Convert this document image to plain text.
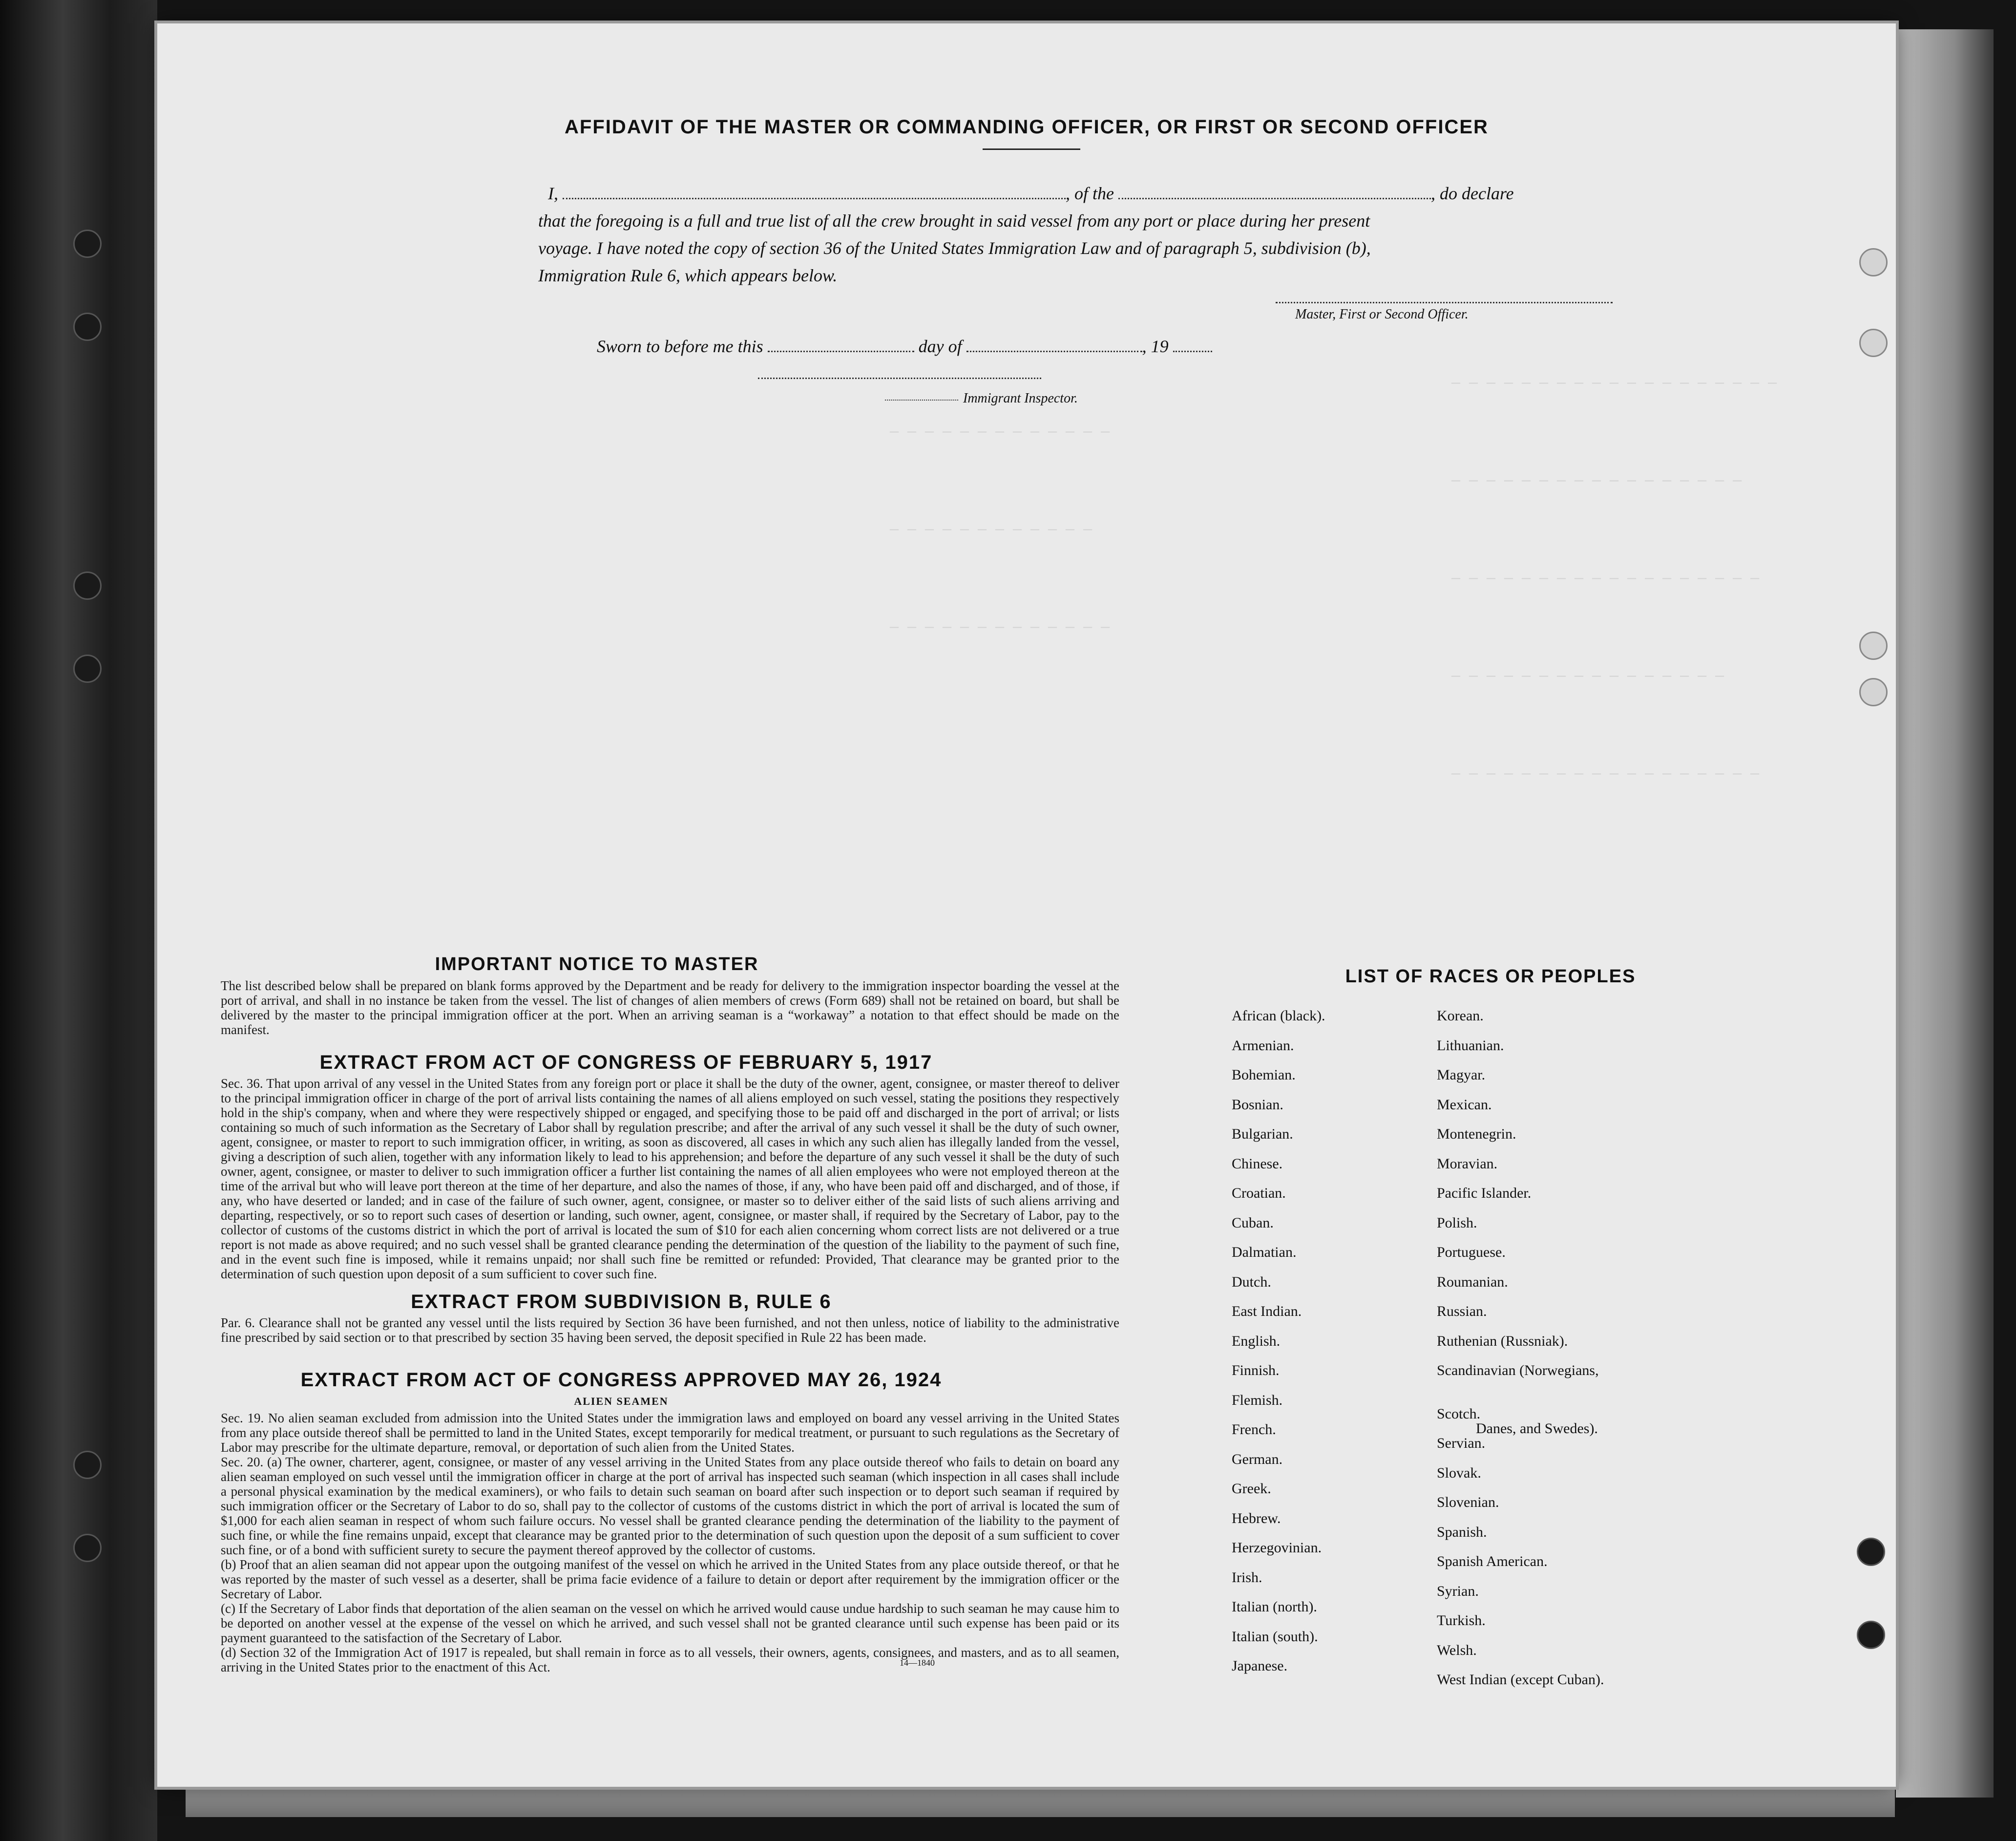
— — — — — — — — — — — — — — — — — — —
— — — — — — — — — — — — — — — — —
— — — — — — — — — — — — — — — — — —
— — — — — — — — — — — — — — — —
— — — — — — — — — — — — — — — — — —
— — — — — — — — — — — — —
— — — — — — — — — — — —
— — — — — — — — — — — — —
AFFIDAVIT OF THE MASTER OR COMMANDING OFFICER, OR FIRST OR SECOND OFFICER
I,	, of the	, do declare
that the foregoing is a full and true list of all the crew brought in said vessel from any port or place during her present
voyage. I have noted the copy of section 36 of the United States Immigration Law and of paragraph 5, subdivision (b),
Immigration Rule 6, which appears below.
Master, First or Second Officer.
Sworn to before me this	day of	, 19
Immigrant Inspector.
IMPORTANT NOTICE TO MASTER
The list described below shall be prepared on blank forms approved by the Department and be ready for delivery to the immigration inspector boarding the vessel at the port of arrival, and shall in no instance be taken from the vessel. The list of changes of alien members of crews (Form 689) shall not be retained on board, but shall be delivered by the master to the principal immigration officer at the port. When an arriving seaman is a “workaway” a notation to that effect should be made on the manifest.
EXTRACT FROM ACT OF CONGRESS OF FEBRUARY 5, 1917
Sec. 36. That upon arrival of any vessel in the United States from any foreign port or place it shall be the duty of the owner, agent, consignee, or master thereof to deliver to the principal immigration officer in charge of the port of arrival lists containing the names of all aliens employed on such vessel, stating the positions they respectively hold in the ship's company, when and where they were respectively shipped or engaged, and specifying those to be paid off and discharged in the port of arrival; or lists containing so much of such information as the Secretary of Labor shall by regulation prescribe; and after the arrival of any such vessel it shall be the duty of such owner, agent, consignee, or master to report to such immigration officer, in writing, as soon as discovered, all cases in which any such alien has illegally landed from the vessel, giving a description of such alien, together with any information likely to lead to his apprehension; and before the departure of any such vessel it shall be the duty of such owner, agent, consignee, or master to deliver to such immigration officer a further list containing the names of all alien employees who were not employed thereon at the time of the arrival but who will leave port thereon at the time of her departure, and also the names of those, if any, who have been paid off and discharged, and of those, if any, who have deserted or landed; and in case of the failure of such owner, agent, consignee, or master so to deliver either of the said lists of such aliens arriving and departing, respectively, or so to report such cases of desertion or landing, such owner, agent, consignee, or master shall, if required by the Secretary of Labor, pay to the collector of customs of the customs district in which the port of arrival is located the sum of $10 for each alien concerning whom correct lists are not delivered or a true report is not made as above required; and no such vessel shall be granted clearance pending the determination of the question of the liability to the payment of such fine, and in the event such fine is imposed, while it remains unpaid; nor shall such fine be remitted or refunded: Provided, That clearance may be granted prior to the determination of such question upon deposit of a sum sufficient to cover such fine.
EXTRACT FROM SUBDIVISION B, RULE 6
Par. 6. Clearance shall not be granted any vessel until the lists required by Section 36 have been furnished, and not then unless, notice of liability to the administrative fine prescribed by said section or to that prescribed by section 35 having been served, the deposit specified in Rule 22 has been made.
EXTRACT FROM ACT OF CONGRESS APPROVED MAY 26, 1924
ALIEN SEAMEN
Sec. 19. No alien seaman excluded from admission into the United States under the immigration laws and employed on board any vessel arriving in the United States from any place outside thereof shall be permitted to land in the United States, except temporarily for medical treatment, or pursuant to such regulations as the Secretary of Labor may prescribe for the ultimate departure, removal, or deportation of such alien from the United States.
Sec. 20. (a) The owner, charterer, agent, consignee, or master of any vessel arriving in the United States from any place outside thereof who fails to detain on board any alien seaman employed on such vessel until the immigration officer in charge at the port of arrival has inspected such seaman (which inspection in all cases shall include a personal physical examination by the medical examiners), or who fails to detain such seaman on board after such inspection or to deport such seaman if required by such immigration officer or the Secretary of Labor to do so, shall pay to the collector of customs of the customs district in which the port of arrival is located the sum of $1,000 for each alien seaman in respect of whom such failure occurs. No vessel shall be granted clearance pending the determination of the liability to the payment of such fine, or while the fine remains unpaid, except that clearance may be granted prior to the determination of such question upon the deposit of a sum sufficient to cover such fine, or of a bond with sufficient surety to secure the payment thereof approved by the collector of customs.
(b) Proof that an alien seaman did not appear upon the outgoing manifest of the vessel on which he arrived in the United States from any place outside thereof, or that he was reported by the master of such vessel as a deserter, shall be prima facie evidence of a failure to detain or deport after requirement by the immigration officer or the Secretary of Labor.
(c) If the Secretary of Labor finds that deportation of the alien seaman on the vessel on which he arrived would cause undue hardship to such seaman he may cause him to be deported on another vessel at the expense of the vessel on which he arrived, and such vessel shall not be granted clearance until such expense has been paid or its payment guaranteed to the satisfaction of the Secretary of Labor.
(d) Section 32 of the Immigration Act of 1917 is repealed, but shall remain in force as to all vessels, their owners, agents, consignees, and masters, and as to all seamen, arriving in the United States prior to the enactment of this Act.	14—1840
LIST OF RACES OR PEOPLES
Danes, and Swedes).
African (black).
Armenian.
Bohemian.
Bosnian.
Bulgarian.
Chinese.
Croatian.
Cuban.
Dalmatian.
Dutch.
East Indian.
English.
Finnish.
Flemish.
French.
German.
Greek.
Hebrew.
Herzegovinian.
Irish.
Italian (north).
Italian (south).
Japanese.
Korean.
Lithuanian.
Magyar.
Mexican.
Montenegrin.
Moravian.
Pacific Islander.
Polish.
Portuguese.
Roumanian.
Russian.
Ruthenian (Russniak).
Scandinavian (Norwegians,
Scotch.
Servian.
Slovak.
Slovenian.
Spanish.
Spanish American.
Syrian.
Turkish.
Welsh.
West Indian (except Cuban).
